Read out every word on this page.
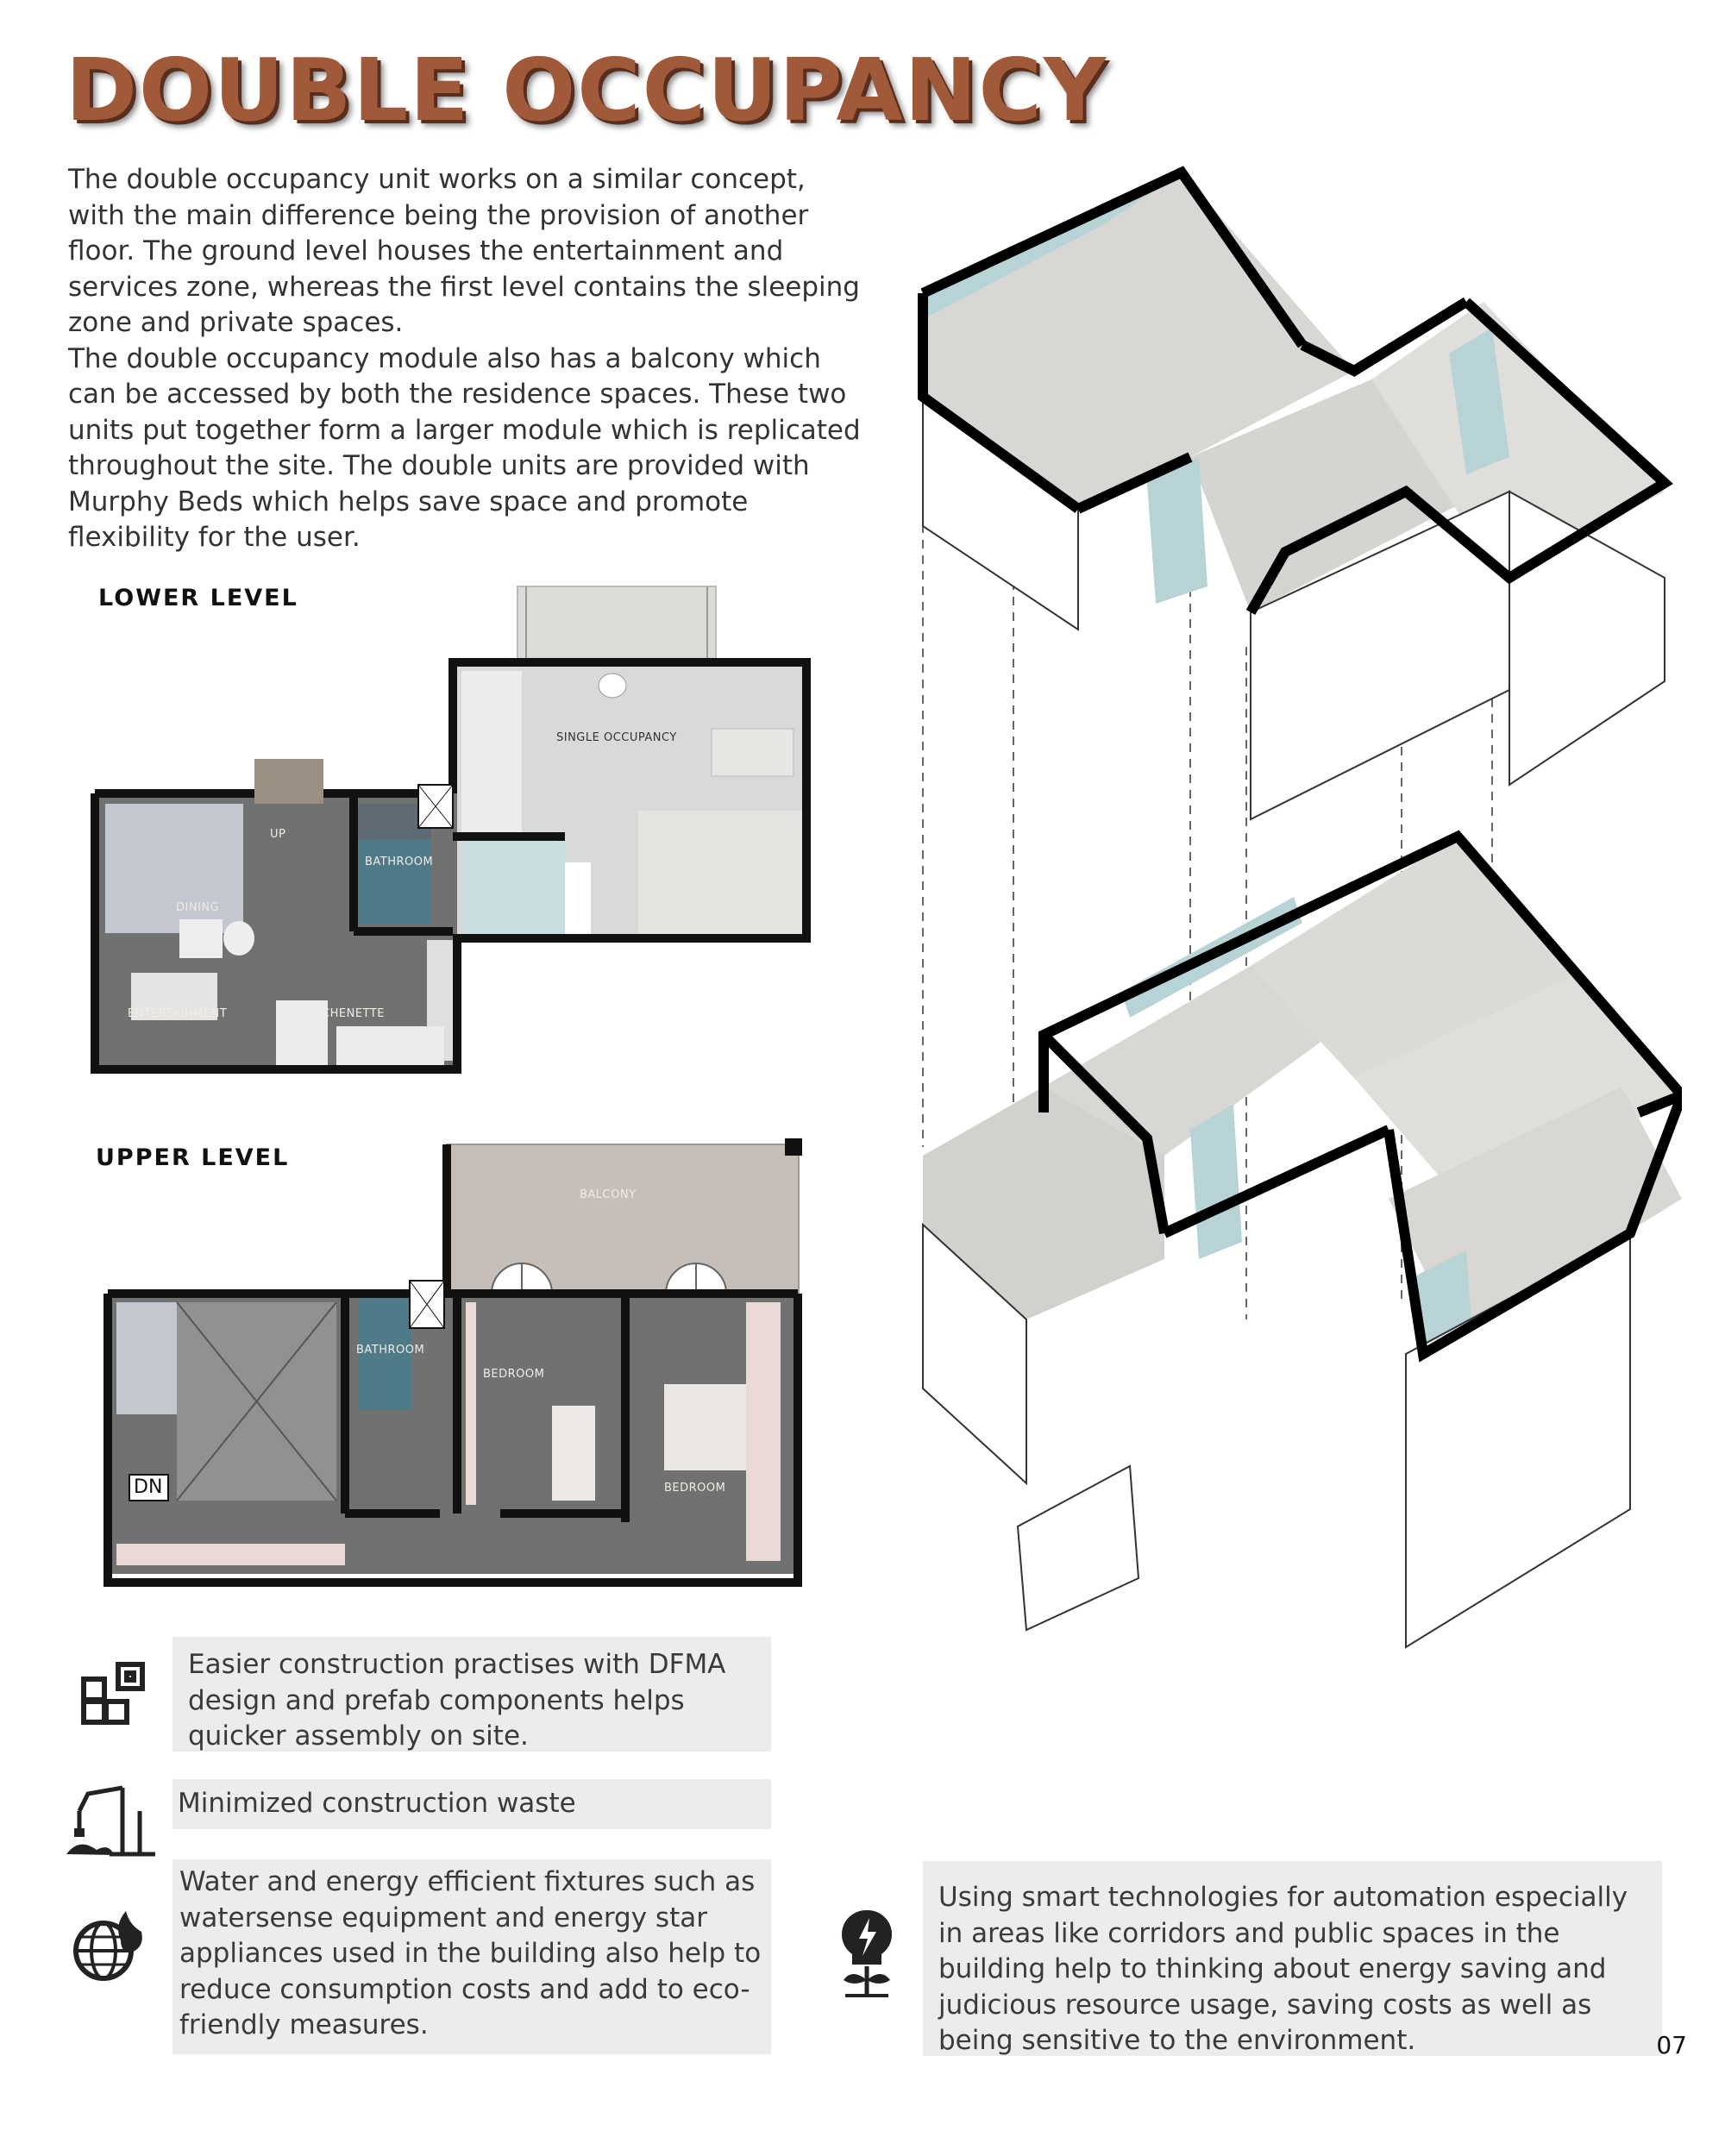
DOUBLE OCCUPANCY
The double occupancy unit works on a similar concept, with the main difference being the provision of another floor. The ground level houses the entertainment and services zone, whereas the first level contains the sleeping zone and private spaces.
The double occupancy module also has a balcony which can be accessed by both the residence spaces. These two units put together form a larger module which is replicated throughout the site. The double units are provided with Murphy Beds which helps save space and promote flexibility for the user.
LOWER LEVEL
UPPER LEVEL
SINGLE OCCUPANCY
UP
BATHROOM
DINING
ENTERTAINMENT	KITCHENETTE
BALCONY
BATHROOM
BEDROOM
BEDROOM
DN
Easier construction practises with DFMA design and prefab components helps quicker assembly on site.
Minimized construction waste
Water and energy efficient fixtures such as watersense equipment and energy star appliances used in the building also help to reduce consumption costs and add to eco-friendly measures.
Using smart technologies for automation especially in areas like corridors and public spaces in the building help to thinking about energy saving and judicious resource usage, saving costs as well as being sensitive to the environment.	07
